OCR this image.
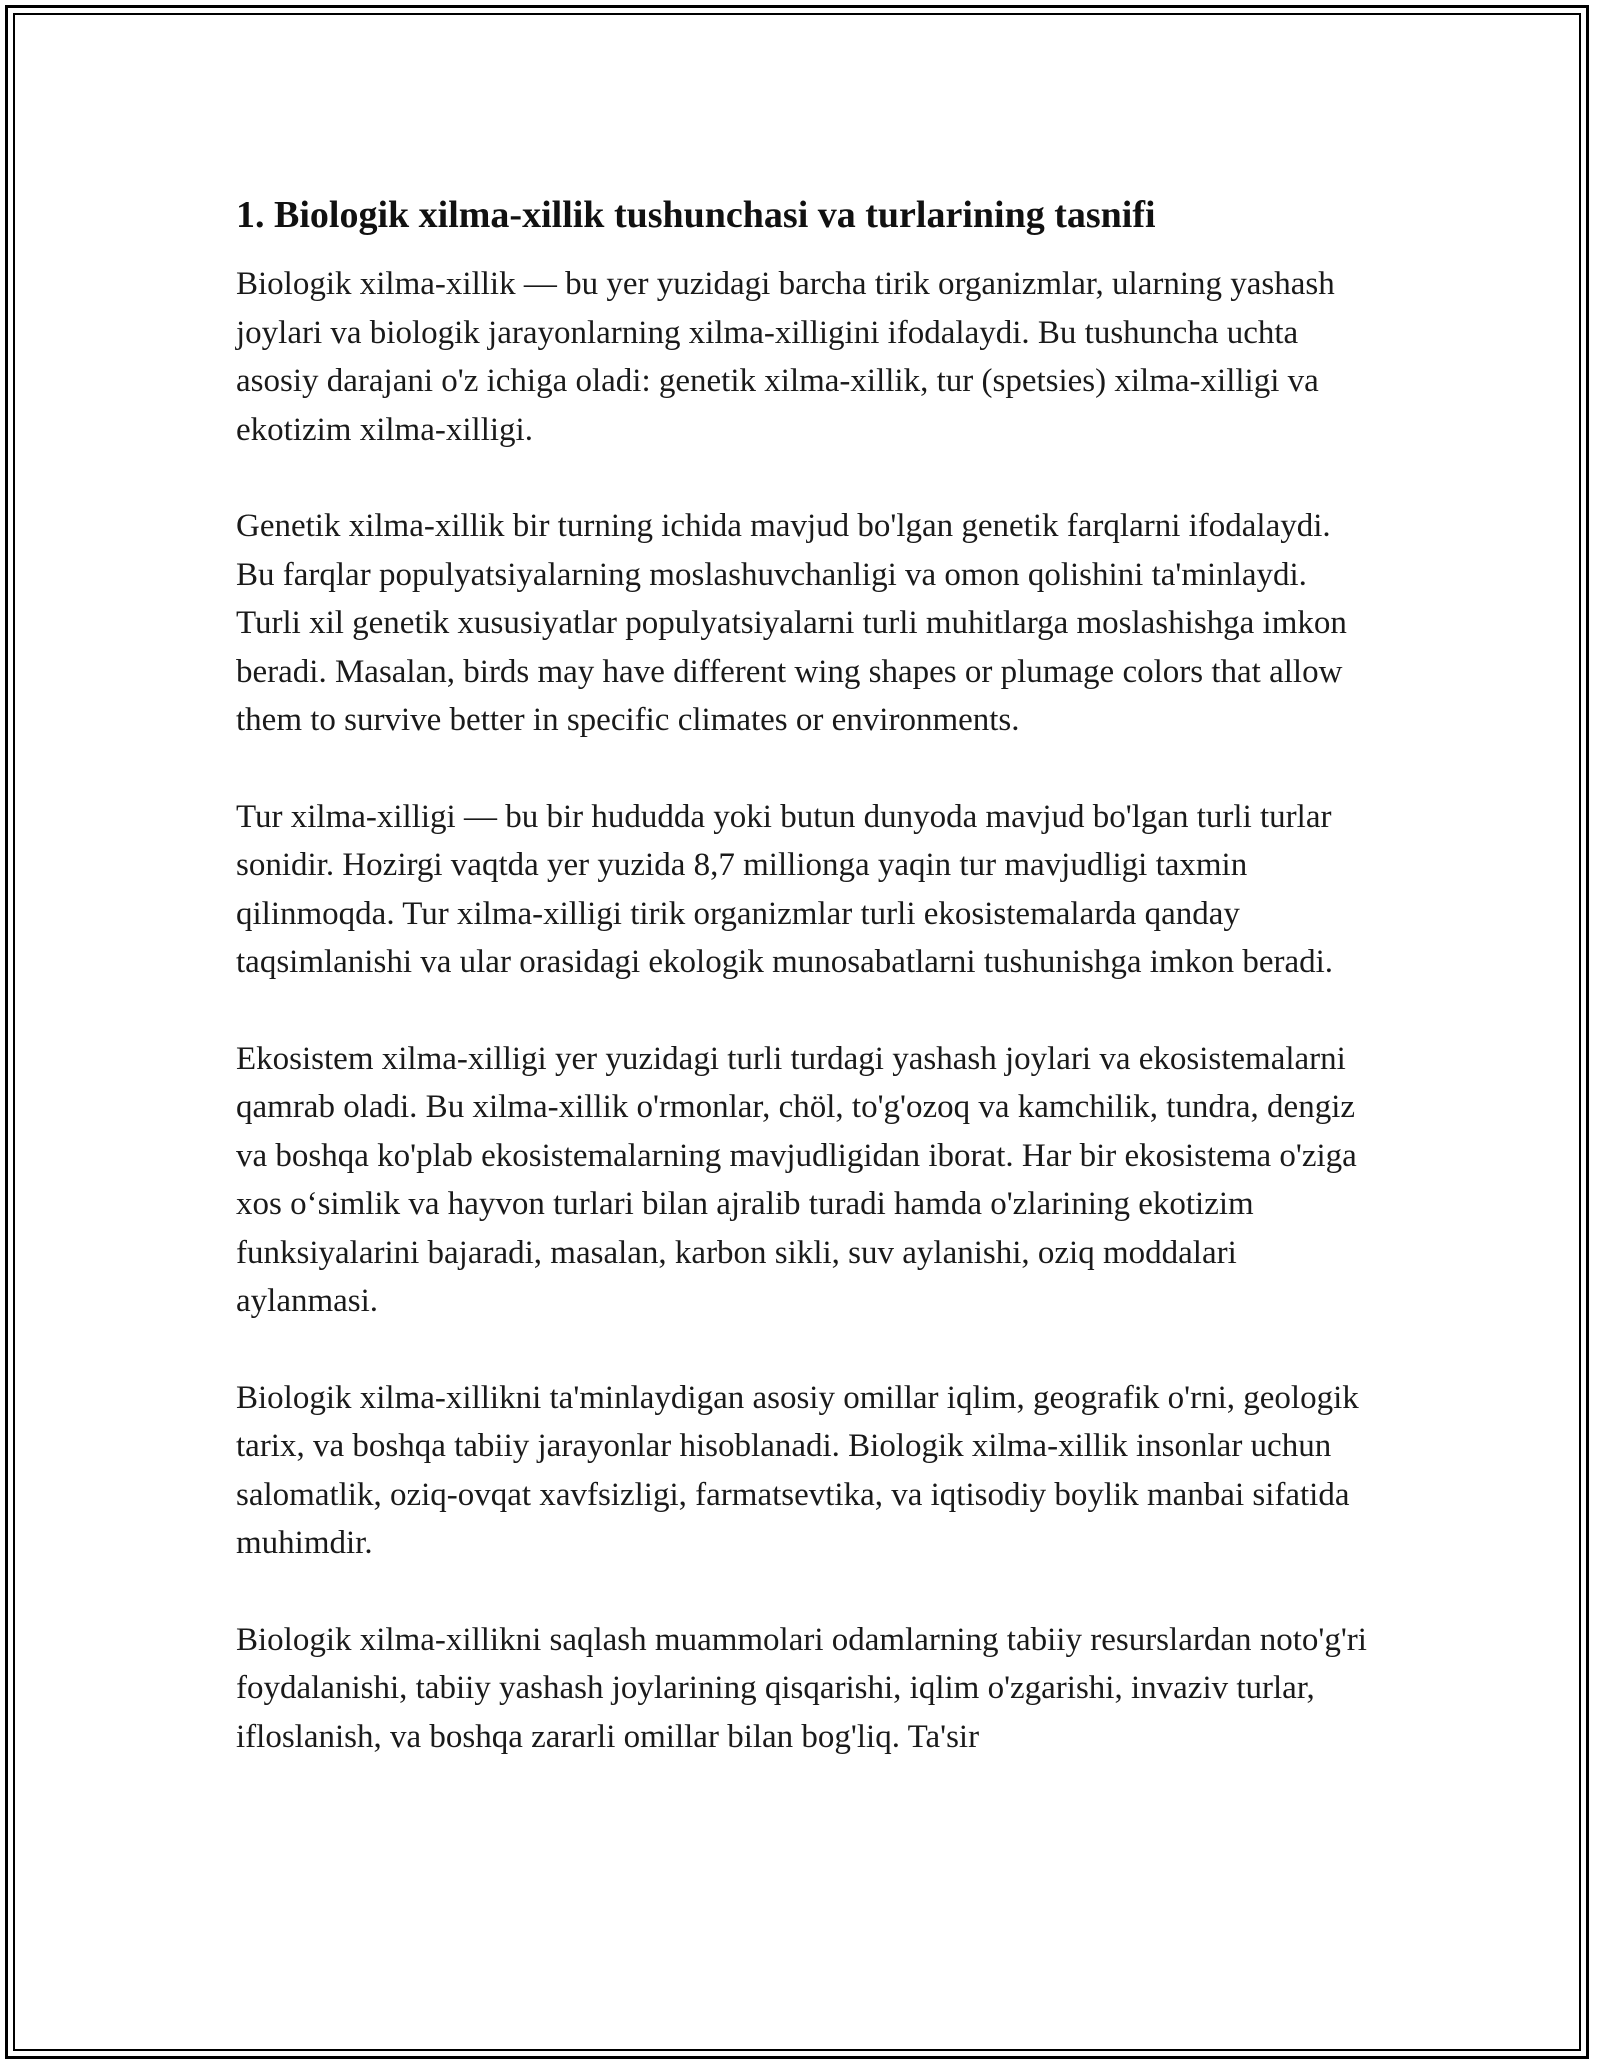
1. Biologik xilma-xillik tushunchasi va turlarining tasnifi

Biologik xilma-xillik — bu yer yuzidagi barcha tirik organizmlar, ularning yashash joylari va biologik jarayonlarning xilma-xilligini ifodalaydi. Bu tushuncha uchta asosiy darajani o'z ichiga oladi: genetik xilma-xillik, tur (spetsies) xilma-xilligi va ekotizim xilma-xilligi.

Genetik xilma-xillik bir turning ichida mavjud bo'lgan genetik farqlarni ifodalaydi. Bu farqlar populyatsiyalarning moslashuvchanligi va omon qolishini ta'minlaydi. Turli xil genetik xususiyatlar populyatsiyalarni turli muhitlarga moslashishga imkon beradi. Masalan, birds may have different wing shapes or plumage colors that allow them to survive better in specific climates or environments.

Tur xilma-xilligi — bu bir hududda yoki butun dunyoda mavjud bo'lgan turli turlar sonidir. Hozirgi vaqtda yer yuzida 8,7 millionga yaqin tur mavjudligi taxmin qilinmoqda. Tur xilma-xilligi tirik organizmlar turli ekosistemalarda qanday taqsimlanishi va ular orasidagi ekologik munosabatlarni tushunishga imkon beradi.

Ekosistem xilma-xilligi yer yuzidagi turli turdagi yashash joylari va ekosistemalarni qamrab oladi. Bu xilma-xillik o'rmonlar, chöl, to'g'ozoq va kamchilik, tundra, dengiz va boshqa ko'plab ekosistemalarning mavjudligidan iborat. Har bir ekosistema o'ziga xos o‘simlik va hayvon turlari bilan ajralib turadi hamda o'zlarining ekotizim funksiyalarini bajaradi, masalan, karbon sikli, suv aylanishi, oziq moddalari aylanmasi.

Biologik xilma-xillikni ta'minlaydigan asosiy omillar iqlim, geografik o'rni, geologik tarix, va boshqa tabiiy jarayonlar hisoblanadi. Biologik xilma-xillik insonlar uchun salomatlik, oziq-ovqat xavfsizligi, farmatsevtika, va iqtisodiy boylik manbai sifatida muhimdir.

Biologik xilma-xillikni saqlash muammolari odamlarning tabiiy resurslardan noto'g'ri foydalanishi, tabiiy yashash joylarining qisqarishi, iqlim o'zgarishi, invaziv turlar, ifloslanish, va boshqa zararli omillar bilan bog'liq. Ta'sir
